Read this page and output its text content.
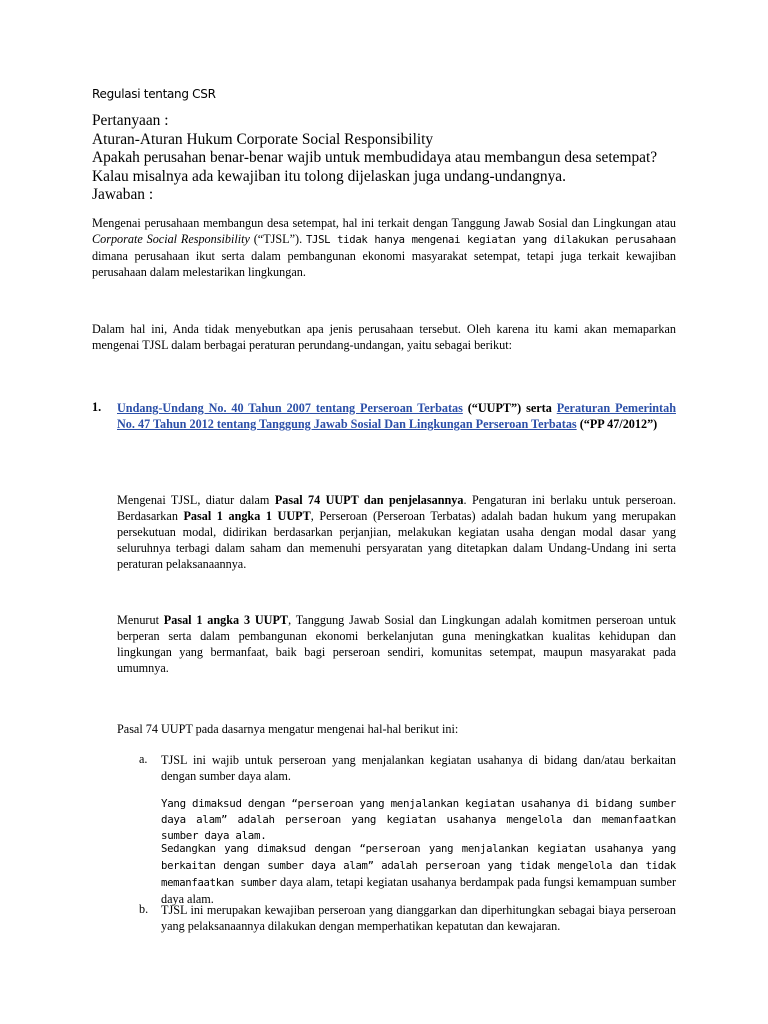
Regulasi tentang CSR
Pertanyaan :
Aturan-Aturan Hukum Corporate Social Responsibility
Apakah perusahan benar-benar wajib untuk membudidaya atau membangun desa setempat?
Kalau misalnya ada kewajiban itu tolong dijelaskan juga undang-undangnya.
Jawaban :

Mengenai perusahaan membangun desa setempat, hal ini terkait dengan Tanggung Jawab Sosial dan Lingkungan atau Corporate Social Responsibility (“TJSL”). TJSL tidak hanya mengenai kegiatan yang dilakukan perusahaan dimana perusahaan ikut serta dalam pembangunan ekonomi masyarakat setempat, tetapi juga terkait kewajiban perusahaan dalam melestarikan lingkungan.

Dalam hal ini, Anda tidak menyebutkan apa jenis perusahaan tersebut. Oleh karena itu kami akan memaparkan mengenai TJSL dalam berbagai peraturan perundang-undangan, yaitu sebagai berikut:

1. Undang-Undang No. 40 Tahun 2007 tentang Perseroan Terbatas (“UUPT”) serta Peraturan Pemerintah No. 47 Tahun 2012 tentang Tanggung Jawab Sosial Dan Lingkungan Perseroan Terbatas (“PP 47/2012”)

Mengenai TJSL, diatur dalam Pasal 74 UUPT dan penjelasannya. Pengaturan ini berlaku untuk perseroan. Berdasarkan Pasal 1 angka 1 UUPT, Perseroan (Perseroan Terbatas) adalah badan hukum yang merupakan persekutuan modal, didirikan berdasarkan perjanjian, melakukan kegiatan usaha dengan modal dasar yang seluruhnya terbagi dalam saham dan memenuhi persyaratan yang ditetapkan dalam Undang-Undang ini serta peraturan pelaksanaannya.

Menurut Pasal 1 angka 3 UUPT, Tanggung Jawab Sosial dan Lingkungan adalah komitmen perseroan untuk berperan serta dalam pembangunan ekonomi berkelanjutan guna meningkatkan kualitas kehidupan dan lingkungan yang bermanfaat, baik bagi perseroan sendiri, komunitas setempat, maupun masyarakat pada umumnya.

Pasal 74 UUPT pada dasarnya mengatur mengenai hal-hal berikut ini:

a. TJSL ini wajib untuk perseroan yang menjalankan kegiatan usahanya di bidang dan/atau berkaitan dengan sumber daya alam.

Yang dimaksud dengan “perseroan yang menjalankan kegiatan usahanya di bidang sumber daya alam” adalah perseroan yang kegiatan usahanya mengelola dan memanfaatkan sumber daya alam.

Sedangkan yang dimaksud dengan “perseroan yang menjalankan kegiatan usahanya yang berkaitan dengan sumber daya alam” adalah perseroan yang tidak mengelola dan tidak memanfaatkan sumber daya alam, tetapi kegiatan usahanya berdampak pada fungsi kemampuan sumber daya alam.

b. TJSL ini merupakan kewajiban perseroan yang dianggarkan dan diperhitungkan sebagai biaya perseroan yang pelaksanaannya dilakukan dengan memperhatikan kepatutan dan kewajaran.
